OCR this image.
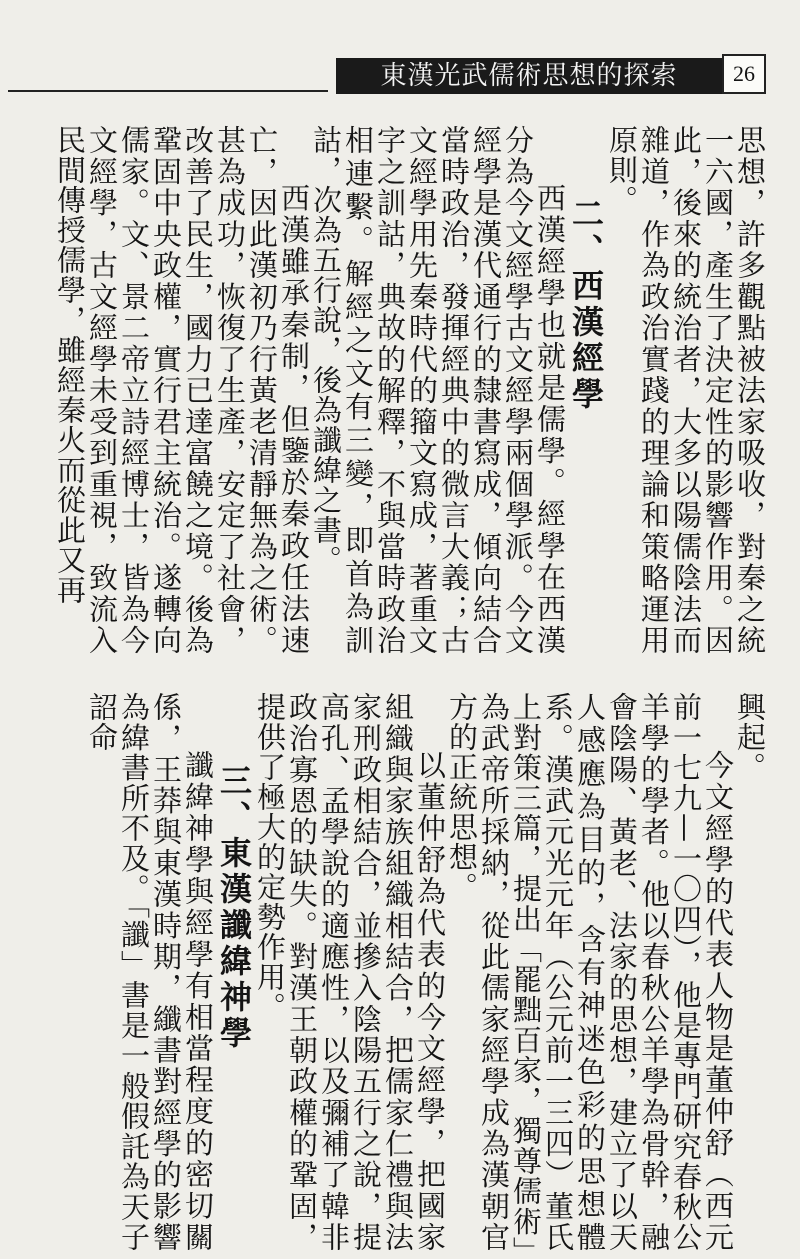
東漢光武儒術思想的探索	26

思想，許多觀點被法家吸收，對秦之統一六國，產生了決定性的影響作用。因此，後來的統治者，大多以陽儒陰法而雜道，作為政治實踐的理論和策略運用原則。

二、西漢經學

西漢經學也就是儒學。經學在西漢分為今文經學古文經學兩個學派。今文經學是漢代通行的隸書寫成，傾向結合當時政治，發揮經典中的微言大義；古文經學用先秦時代的籀文寫成，著重文字之訓詁，典故的解釋，不與當時政治相連繫。解經之文有三變，即首為訓詁，次為五行說，後為讖緯之書。

西漢雖承秦制，但鑒於秦政任法速亡，因此漢初乃行黃老清靜無為之術。甚為成功，恢復了生產，安定了社會，改善了民生，國力已達富饒之境。後為鞏固中央政權，實行君主統治。遂轉向儒家。文、景二帝立詩經博士，皆為今文經學，古文經學未受到重視，致流入民間傳授儒學，雖經秦火而從此又再

興起。

今文經學的代表人物是董仲舒（西元前一七九—一〇四），他是專門研究春秋公羊學的學者。他以春秋公羊學為骨幹，融會陰陽、黃老、法家的思想，建立了以天人感應為目的，含有神迷色彩的思想體系。漢武元光元年（公元前一三四）董氏上對策三篇，提出「罷黜百家，獨尊儒術」為武帝所採納，從此儒家經學成為漢朝官方的正統思想。

以董仲舒為代表的今文經學，把國家組織與家族組織相結合，把儒家仁禮與法家刑政相結合，並摻入陰陽五行之說，提高孔、孟學說的適應性，以及彌補了韓非政治寡恩的缺失。對漢王朝政權的鞏固，提供了極大的定勢作用。

三、東漢讖緯神學

讖緯神學與經學有相當程度的密切關係，王莽與東漢時期，纖書對經學的影響為緯書所不及。「讖」書是一般假託為天子詔命
